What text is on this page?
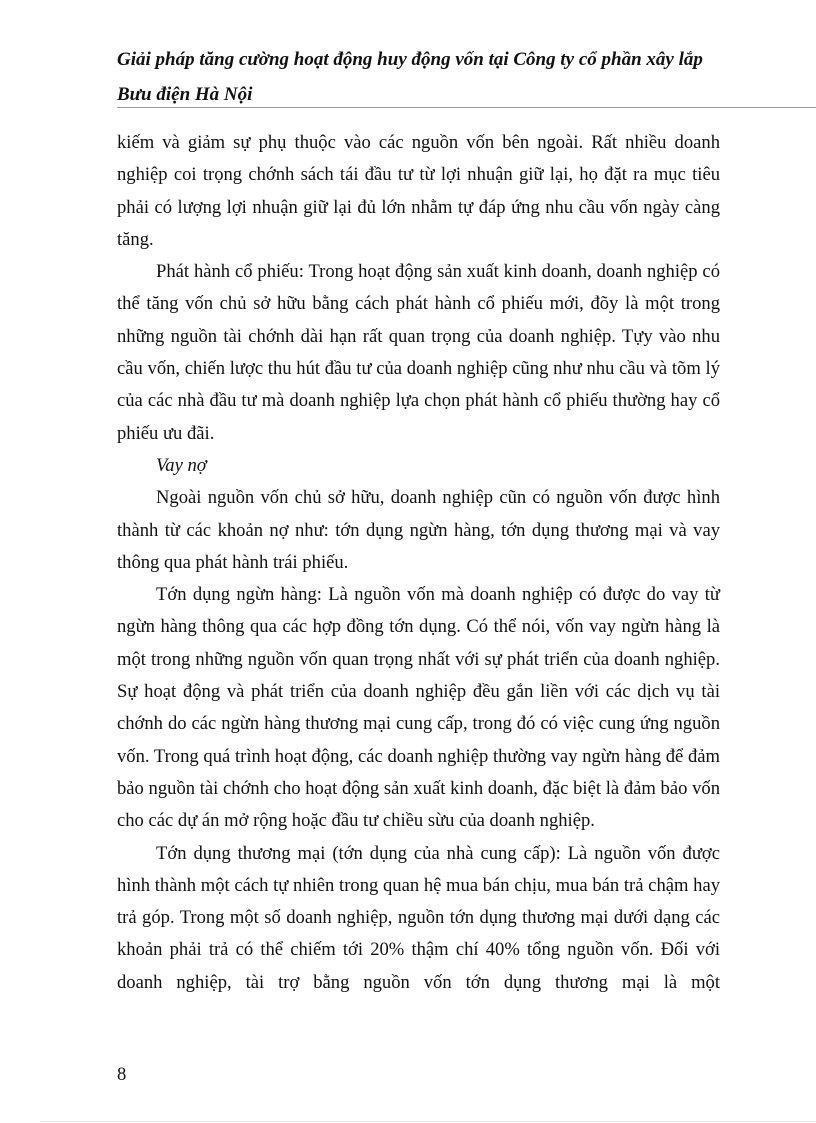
Giải pháp tăng cường hoạt động huy động vốn tại Công ty cổ phần xây lắp Bưu điện Hà Nội

kiếm và giảm sự phụ thuộc vào các nguồn vốn bên ngoài. Rất nhiều doanh nghiệp coi trọng chớnh sách tái đầu tư từ lợi nhuận giữ lại, họ đặt ra mục tiêu phải có lượng lợi nhuận giữ lại đủ lớn nhằm tự đáp ứng nhu cầu vốn ngày càng tăng.

Phát hành cổ phiếu: Trong hoạt động sản xuất kinh doanh, doanh nghiệp có thể tăng vốn chủ sở hữu bằng cách phát hành cổ phiếu mới, đõy là một trong những nguồn tài chớnh dài hạn rất quan trọng của doanh nghiệp. Tựy vào nhu cầu vốn, chiến lược thu hút đầu tư của doanh nghiệp cũng như nhu cầu và tõm lý của các nhà đầu tư mà doanh nghiệp lựa chọn phát hành cổ phiếu thường hay cổ phiếu ưu đãi.

Vay nợ

Ngoài nguồn vốn chủ sở hữu, doanh nghiệp cũn có nguồn vốn được hình thành từ các khoản nợ như: tớn dụng ngừn hàng, tớn dụng thương mại và vay thông qua phát hành trái phiếu.

Tớn dụng ngừn hàng: Là nguồn vốn mà doanh nghiệp có được do vay từ ngừn hàng thông qua các hợp đồng tớn dụng. Có thể nói, vốn vay ngừn hàng là một trong những nguồn vốn quan trọng nhất với sự phát triển của doanh nghiệp. Sự hoạt động và phát triển của doanh nghiệp đều gắn liền với các dịch vụ tài chớnh do các ngừn hàng thương mại cung cấp, trong đó có việc cung ứng nguồn vốn. Trong quá trình hoạt động, các doanh nghiệp thường vay ngừn hàng để đảm bảo nguồn tài chớnh cho hoạt động sản xuất kinh doanh, đặc biệt là đảm bảo vốn cho các dự án mở rộng hoặc đầu tư chiều sừu của doanh nghiệp.

Tớn dụng thương mại (tớn dụng của nhà cung cấp): Là nguồn vốn được hình thành một cách tự nhiên trong quan hệ mua bán chịu, mua bán trả chậm hay trả góp. Trong một số doanh nghiệp, nguồn tớn dụng thương mại dưới dạng các khoản phải trả có thể chiếm tới 20% thậm chí 40% tổng nguồn vốn. Đối với doanh nghiệp, tài trợ bằng nguồn vốn tớn dụng thương mại là một

8
